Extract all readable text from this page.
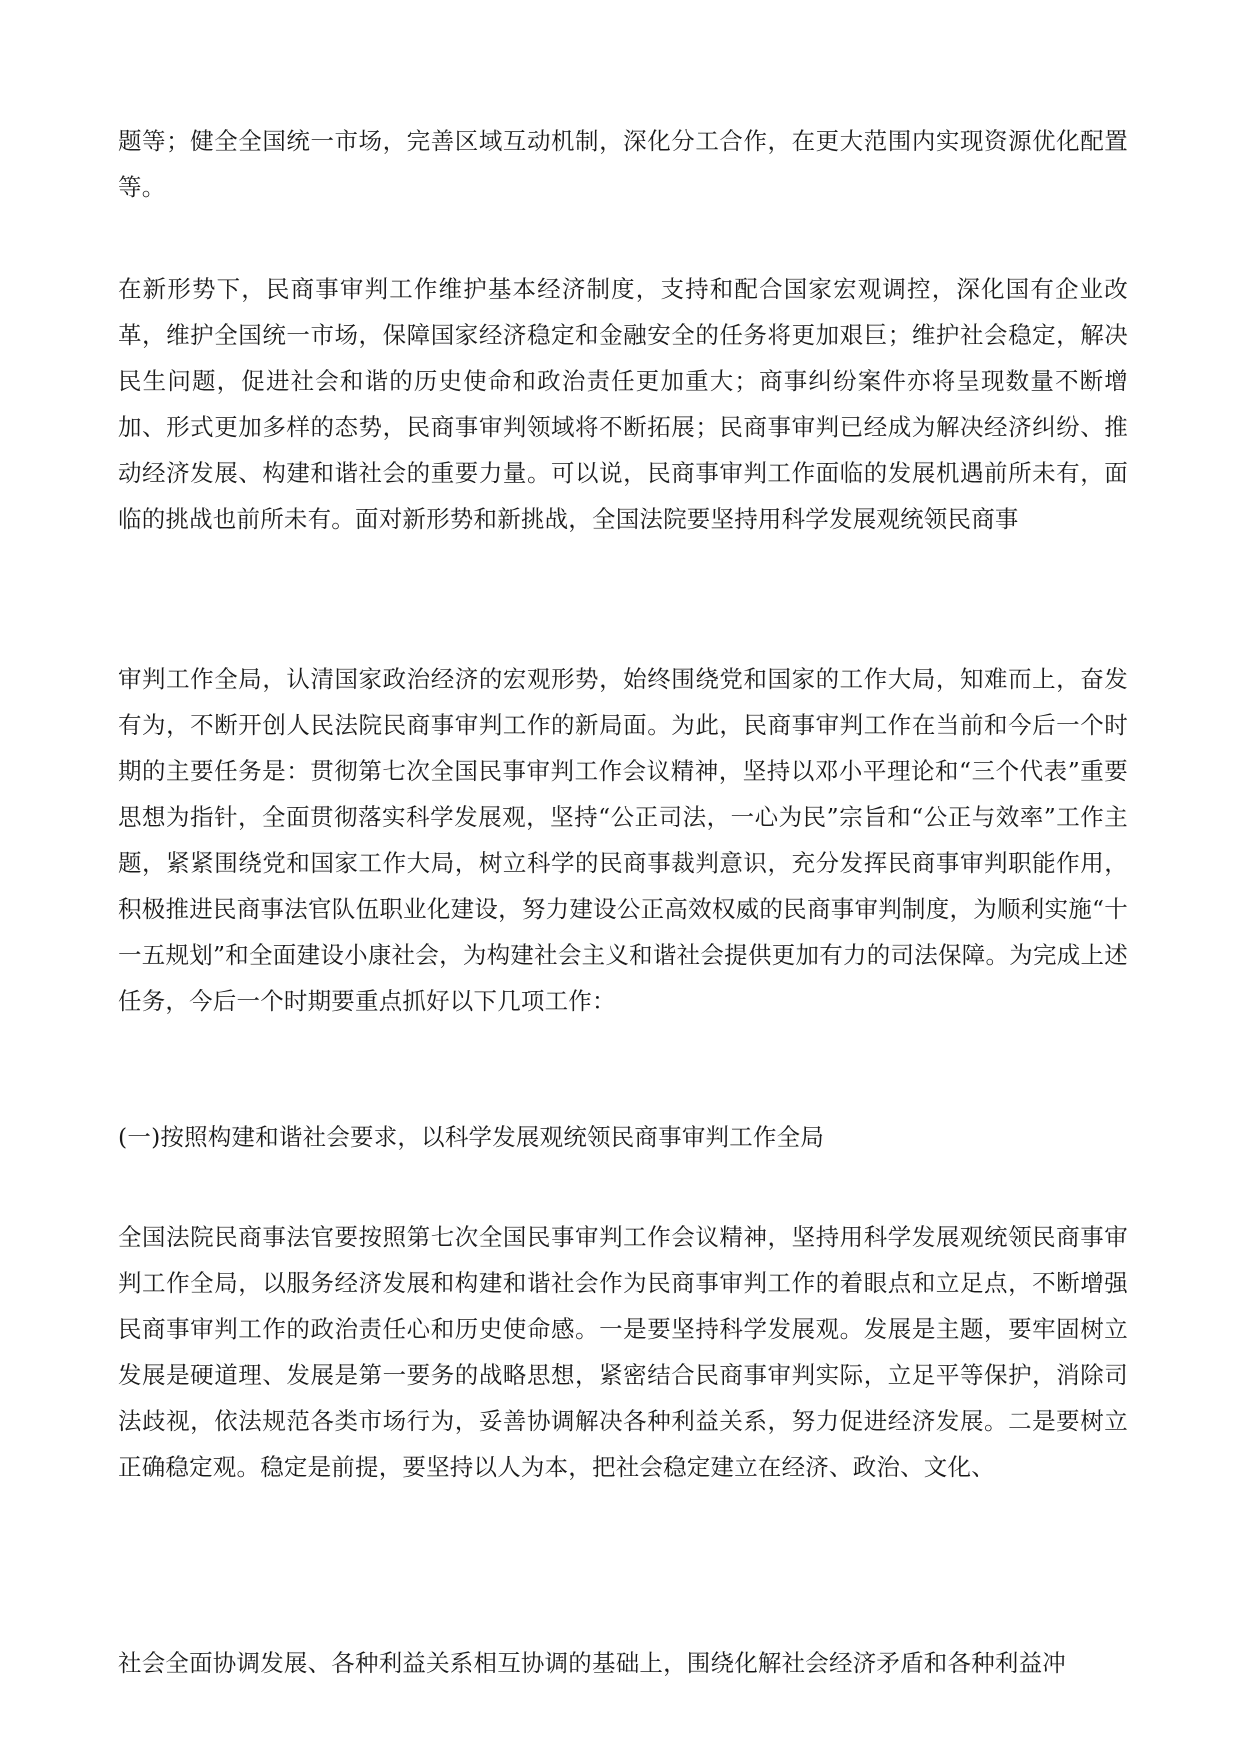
题等；健全全国统一市场，完善区域互动机制，深化分工合作，在更大范围内实现资源优化配置等。

在新形势下，民商事审判工作维护基本经济制度，支持和配合国家宏观调控，深化国有企业改革，维护全国统一市场，保障国家经济稳定和金融安全的任务将更加艰巨；维护社会稳定，解决民生问题，促进社会和谐的历史使命和政治责任更加重大；商事纠纷案件亦将呈现数量不断增加、形式更加多样的态势，民商事审判领域将不断拓展；民商事审判已经成为解决经济纠纷、推动经济发展、构建和谐社会的重要力量。可以说，民商事审判工作面临的发展机遇前所未有，面临的挑战也前所未有。面对新形势和新挑战，全国法院要坚持用科学发展观统领民商事

审判工作全局，认清国家政治经济的宏观形势，始终围绕党和国家的工作大局，知难而上，奋发有为，不断开创人民法院民商事审判工作的新局面。为此，民商事审判工作在当前和今后一个时期的主要任务是：贯彻第七次全国民事审判工作会议精神，坚持以邓小平理论和“三个代表”重要思想为指针，全面贯彻落实科学发展观，坚持“公正司法，一心为民”宗旨和“公正与效率”工作主题，紧紧围绕党和国家工作大局，树立科学的民商事裁判意识，充分发挥民商事审判职能作用，积极推进民商事法官队伍职业化建设，努力建设公正高效权威的民商事审判制度，为顺利实施“十一五规划”和全面建设小康社会，为构建社会主义和谐社会提供更加有力的司法保障。为完成上述任务，今后一个时期要重点抓好以下几项工作：

(一)按照构建和谐社会要求，以科学发展观统领民商事审判工作全局

全国法院民商事法官要按照第七次全国民事审判工作会议精神，坚持用科学发展观统领民商事审判工作全局，以服务经济发展和构建和谐社会作为民商事审判工作的着眼点和立足点，不断增强民商事审判工作的政治责任心和历史使命感。一是要坚持科学发展观。发展是主题，要牢固树立发展是硬道理、发展是第一要务的战略思想，紧密结合民商事审判实际，立足平等保护，消除司法歧视，依法规范各类市场行为，妥善协调解决各种利益关系，努力促进经济发展。二是要树立正确稳定观。稳定是前提，要坚持以人为本，把社会稳定建立在经济、政治、文化、

社会全面协调发展、各种利益关系相互协调的基础上，围绕化解社会经济矛盾和各种利益冲
